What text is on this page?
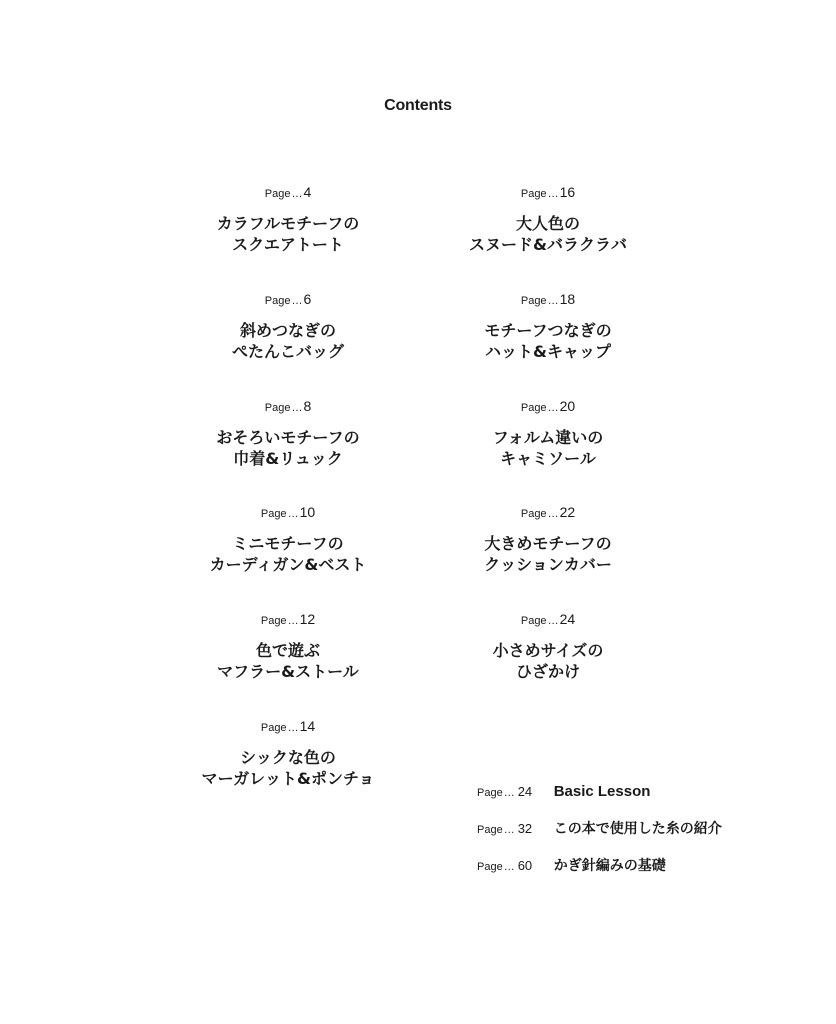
Contents
Page…4
カラフルモチーフの
スクエアトート
Page…6
斜めつなぎの
ぺたんこバッグ
Page…8
おそろいモチーフの
巾着&リュック
Page…10
ミニモチーフの
カーディガン&ベスト
Page…12
色で遊ぶ
マフラー&ストール
Page…14
シックな色の
マーガレット&ポンチョ
Page…16
大人色の
スヌード&バラクラバ
Page…18
モチーフつなぎの
ハット&キャップ
Page…20
フォルム違いの
キャミソール
Page…22
大きめモチーフの
クッションカバー
Page…24
小さめサイズの
ひざかけ
Page… 24 Basic Lesson
Page… 32 この本で使用した糸の紹介
Page… 60 かぎ針編みの基礎
